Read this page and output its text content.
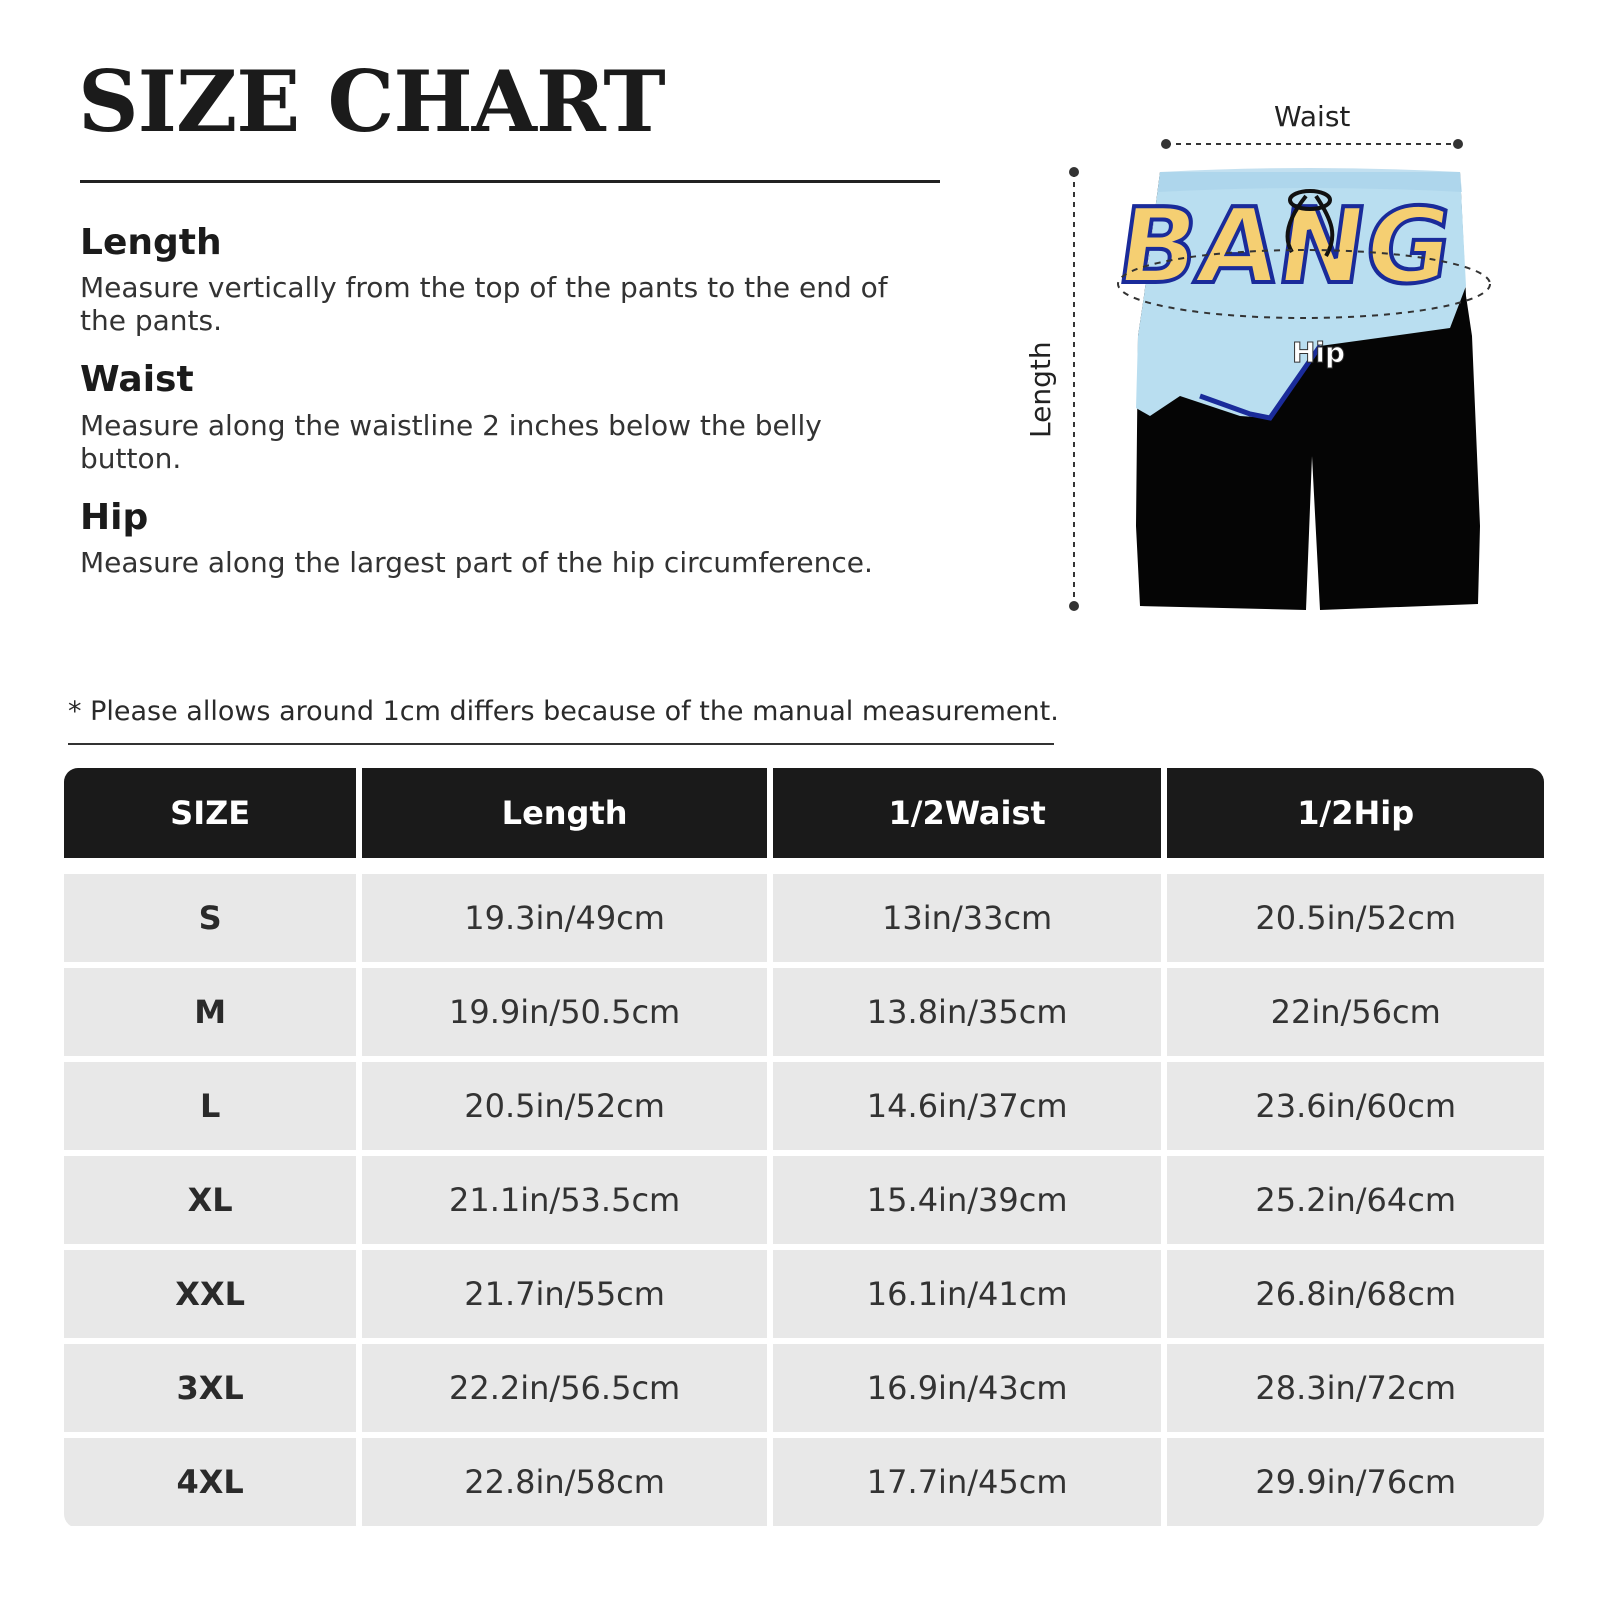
SIZE CHART
Length
Measure vertically from the top of the pants to the end of the pants.
Waist
Measure along the waistline 2 inches below the belly button.
Hip
Measure along the largest part of the hip circumference.
BANG
Waist
Length	Hip
* Please allows around 1cm differs because of the manual measurement.
SIZE	Length	1/2Waist	1/2Hip

S	19.3in/49cm	13in/33cm	20.5in/52cm
M	19.9in/50.5cm	13.8in/35cm	22in/56cm
L	20.5in/52cm	14.6in/37cm	23.6in/60cm
XL	21.1in/53.5cm	15.4in/39cm	25.2in/64cm
XXL	21.7in/55cm	16.1in/41cm	26.8in/68cm
3XL	22.2in/56.5cm	16.9in/43cm	28.3in/72cm
4XL	22.8in/58cm	17.7in/45cm	29.9in/76cm
